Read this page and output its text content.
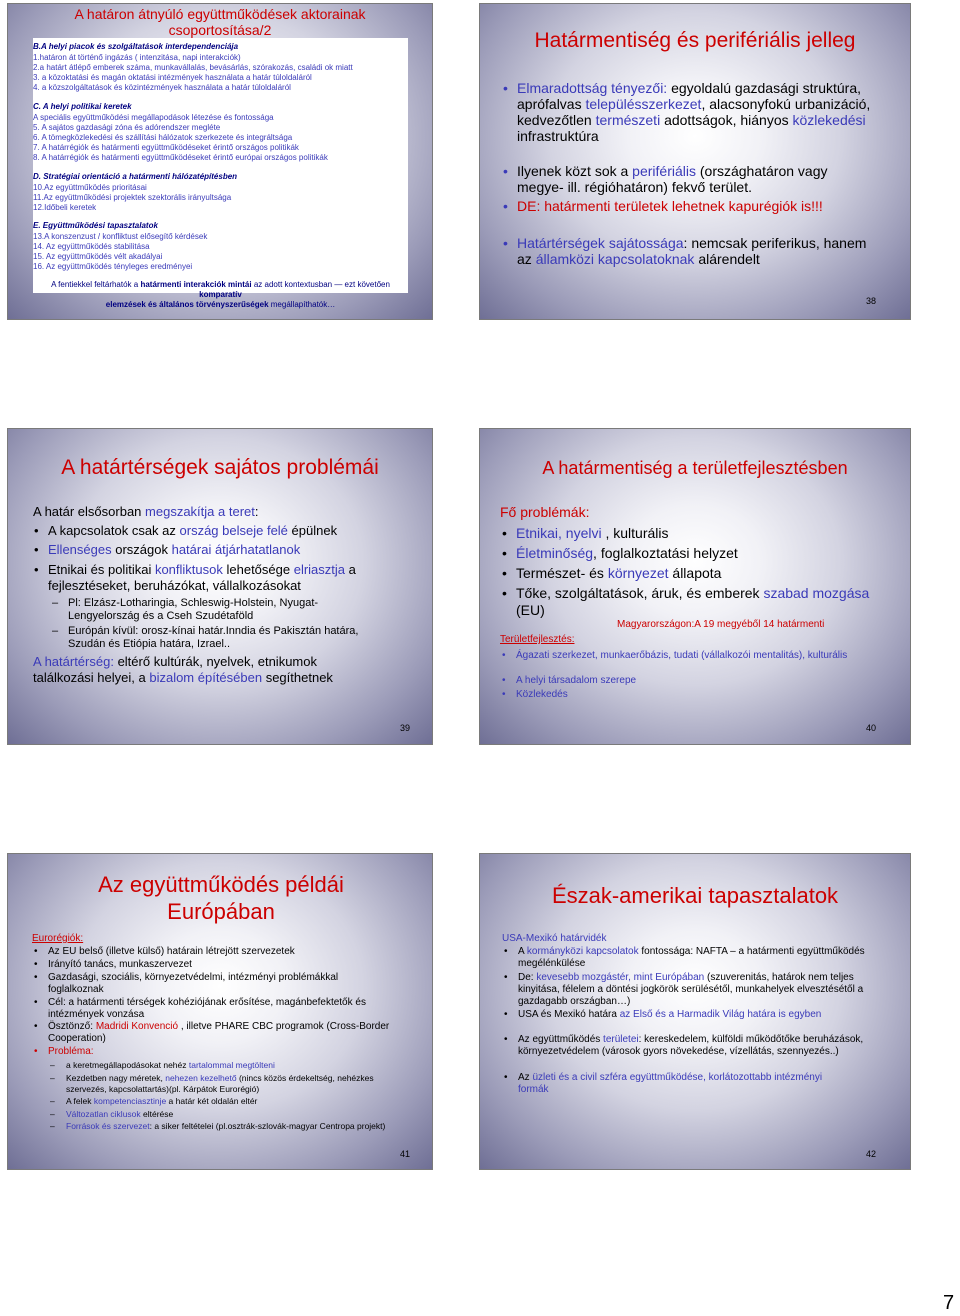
A határon átnyúló együttműködések aktorainak
csoportosítása/2
B.A helyi piacok és szolgáltatások interdependenciája
1.határon át történő ingázás ( intenzitása, napi interakciók)
2.a határt átlépő emberek száma, munkavállalás, bevásárlás, szórakozás, családi ok miatt
3. a közoktatási és magán oktatási intézmények használata a határ túloldaláról
4. a közszolgáltatások és közintézmények használata a határ túloldaláról
C. A helyi politikai keretek
A speciális együttműködési megállapodások létezése és fontossága
5. A sajátos gazdasági zóna és adórendszer megléte
6. A tömegközlekedési és szállítási hálózatok szerkezete és integráltsága
7. A határrégiók és határmenti együttműködéseket érintő országos politikák
8. A határrégiók és határmenti együttműködéseket érintő európai országos politikák
D. Stratégiai orientáció a határmenti hálózatépítésben
10.Az együttműködés prioritásai
11.Az együttműködési projektek szektorális irányultsága
12.Időbeli keretek
E. Együttműködési tapasztalatok
13.A konszenzust / konfliktust elősegítő kérdések
14. Az együttműködés stabilitása
15. Az együttműködés vélt akadályai
16. Az együttműködés tényleges eredményei
A fentiekkel feltárhatók a határmenti interakciók mintái az adott kontextusban — ezt követően komparatív
elemzések és általános törvényszerűségek megállapíthatók…
Határmentiség és perifériális jelleg
• Elmaradottság tényezői: egyoldalú gazdasági struktúra, aprófalvas településszerkezet, alacsonyfokú urbanizáció, kedvezőtlen természeti adottságok, hiányos közlekedési infrastruktúra
• Ilyenek közt sok a perifériális (országhatáron vagy megye- ill. régióhatáron) fekvő terület.
• DE: határmenti területek lehetnek kapurégiók is!!!
• Határtérségek sajátossága: nemcsak periferikus, hanem az államközi kapcsolatoknak alárendelt
38
A határtérségek sajátos problémái
A határ elsősorban megszakítja a teret:
• A kapcsolatok csak az ország belseje felé épülnek
• Ellenséges országok határai átjárhatatlanok
• Etnikai és politikai konfliktusok lehetősége elriasztja a fejlesztéseket, beruházókat, vállalkozásokat
– Pl: Elzász-Lotharingia, Schleswig-Holstein, Nyugat-Lengyelország és a Cseh Szudétaföld
– Európán kívül: orosz-kínai határ.Inndia és Pakisztán határa, Szudán és Etiópia határa, Izrael..
A határtérség: eltérő kultúrák, nyelvek, etnikumok találkozási helyei, a bizalom építésében segíthetnek
39
A határmentiség a területfejlesztésben
Fő problémák:
• Etnikai, nyelvi , kulturális
• Életminőség, foglalkoztatási helyzet
• Természet- és környezet állapota
• Tőke, szolgáltatások, áruk, és emberek szabad mozgása (EU)
Magyarországon:A 19 megyéből 14 határmenti
Területfejlesztés:
• Ágazati szerkezet, munkaerőbázis, tudati (vállalkozói mentalitás), kulturális
• A helyi társadalom szerepe
• Közlekedés
40
Az együttműködés példái Európában
Eurorégiók:
• Az EU belső (illetve külső) határain létrejött szervezetek
• Irányító tanács, munkaszervezet
• Gazdasági, szociális, környezetvédelmi, intézményi problémákkal foglalkoznak
• Cél: a határmenti térségek kohéziójának erősítése, magánbefektetők és intézmények vonzása
• Ösztönző: Madridi Konvenció , illetve PHARE CBC programok (Cross-Border Cooperation)
• Probléma:
– a keretmegállapodásokat nehéz tartalommal megtölteni
– Kezdetben nagy méretek, nehezen kezelhető (nincs közös érdekeltség, nehézkes szervezés, kapcsolattartás)(pl. Kárpátok Eurorégió)
– A felek kompetenciasztinje a határ két oldalán eltér
– Változatlan ciklusok eltérése
– Források és szervezet: a siker feltételei (pl.osztrák-szlovák-magyar Centropa projekt)
41
Észak-amerikai tapasztalatok
USA-Mexikó határvidék
• A kormányközi kapcsolatok fontossága: NAFTA – a határmenti együttműködés megélénkülése
• De: kevesebb mozgástér, mint Európában (szuverenitás, határok nem teljes kinyitása, félelem a döntési jogkörök serülésétől, munkahelyek elvesztésétől a gazdagabb országban…)
• USA és Mexikó határa az Első és a Harmadik Világ határa is egyben
• Az együttműködés területei: kereskedelem, külföldi működőtőke beruházások, környezetvédelem (városok gyors növekedése, vízellátás, szennyezés..)
• Az üzleti és a civil szféra együttműködése, korlátozottabb intézményi formák
42
7
